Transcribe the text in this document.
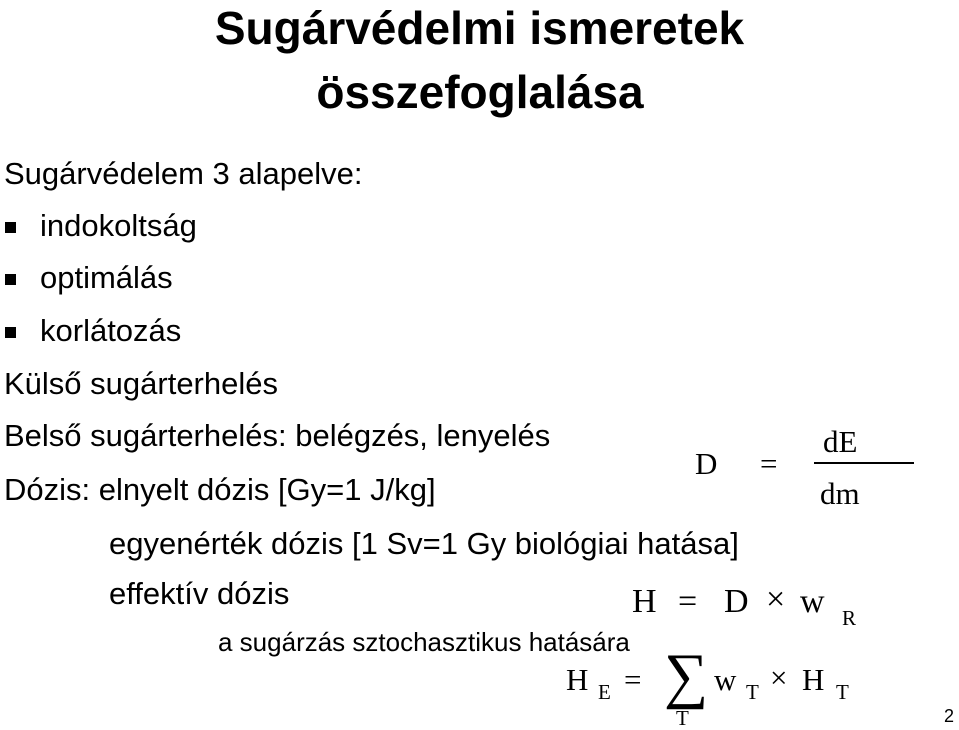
Sugárvédelmi ismeretek
összefoglalása
Sugárvédelem 3 alapelve:
indokoltság
optimálás
korlátozás
Külső sugárterhelés
Belső sugárterhelés: belégzés, lenyelés
Dózis: elnyelt dózis [Gy=1 J/kg]
D =
dE
dm
egyenérték dózis [1 Sv=1 Gy biológiai hatása]
effektív dózis	H = D × w R
a sugárzás sztochasztikus hatására
H E = ∑
T
w T × H T
2
